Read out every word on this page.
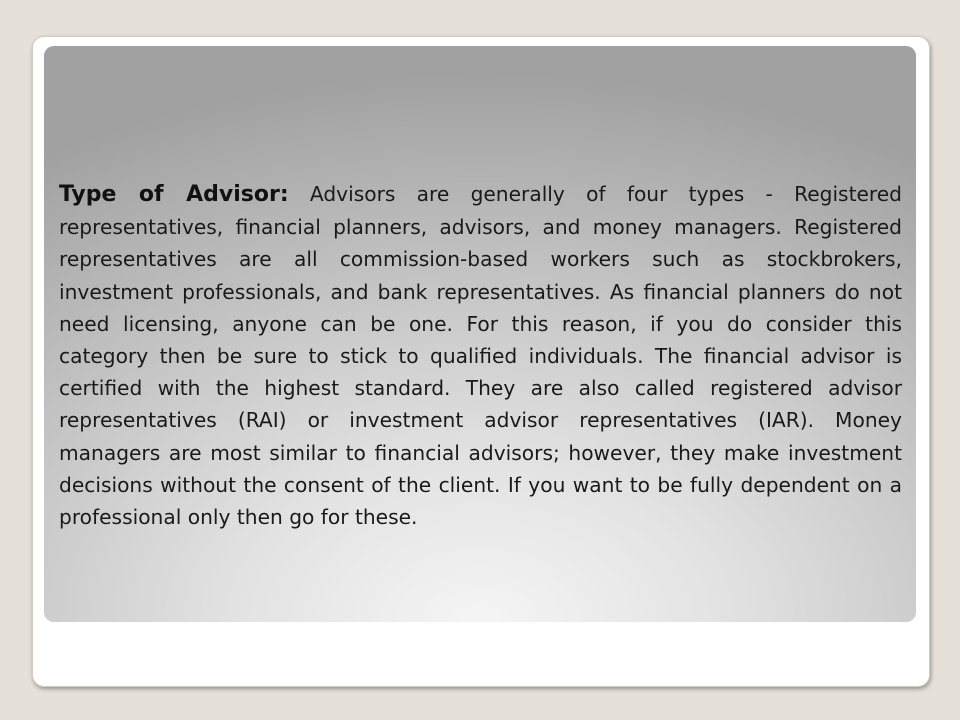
Type of Advisor: Advisors are generally of four types - Registered representatives, financial planners, advisors, and money managers. Registered representatives are all commission-based workers such as stockbrokers, investment professionals, and bank representatives. As financial planners do not need licensing, anyone can be one. For this reason, if you do consider this category then be sure to stick to qualified individuals. The financial advisor is certified with the highest standard. They are also called registered advisor representatives (RAI) or investment advisor representatives (IAR). Money managers are most similar to financial advisors; however, they make investment decisions without the consent of the client. If you want to be fully dependent on a professional only then go for these.
